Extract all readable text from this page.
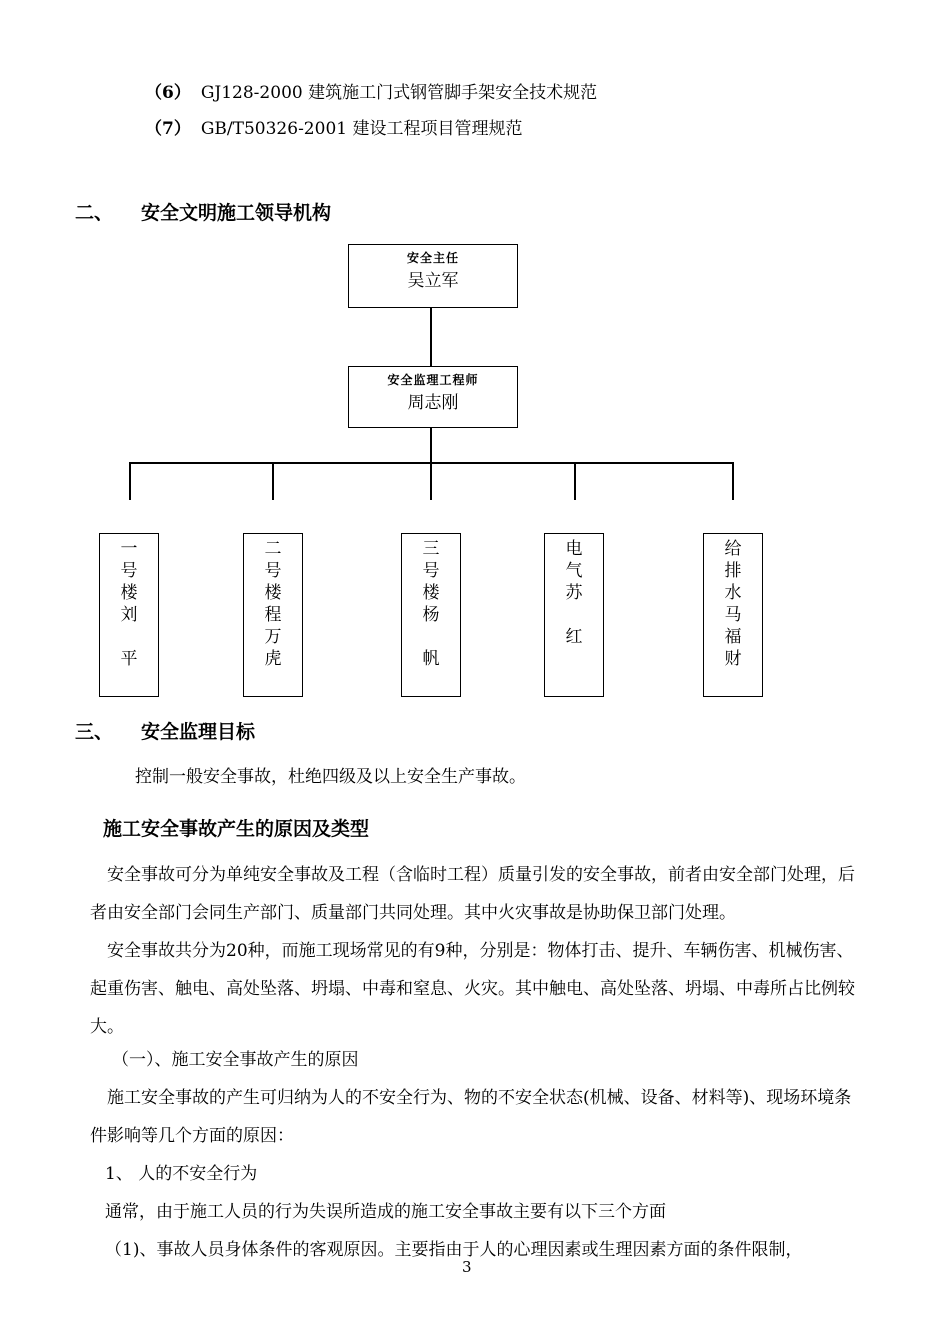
（6） GJ128-2000 建筑施工门式钢管脚手架安全技术规范
（7） GB/T50326-2001 建设工程项目管理规范
二、 安全文明施工领导机构
安全主任
吴立军
安全监理工程师
周志刚
一
号
楼
刘
平
二
号
楼
程
万
虎
三
号
楼
杨
帆
电
气
苏
红
给
排
水
马
福
财
三、 安全监理目标
控制一般安全事故，杜绝四级及以上安全生产事故。
施工安全事故产生的原因及类型
安全事故可分为单纯安全事故及工程（含临时工程）质量引发的安全事故，前者由安全部门处理，后者由安全部门会同生产部门、质量部门共同处理。其中火灾事故是协助保卫部门处理。
安全事故共分为20种，而施工现场常见的有9种，分别是：物体打击、提升、车辆伤害、机械伤害、起重伤害、触电、高处坠落、坍塌、中毒和窒息、火灾。其中触电、高处坠落、坍塌、中毒所占比例较大。
（一）、施工安全事故产生的原因
施工安全事故的产生可归纳为人的不安全行为、物的不安全状态(机械、设备、材料等)、现场环境条件影响等几个方面的原因：
1、 人的不安全行为
通常，由于施工人员的行为失误所造成的施工安全事故主要有以下三个方面
（1)、事故人员身体条件的客观原因。主要指由于人的心理因素或生理因素方面的条件限制，
3
